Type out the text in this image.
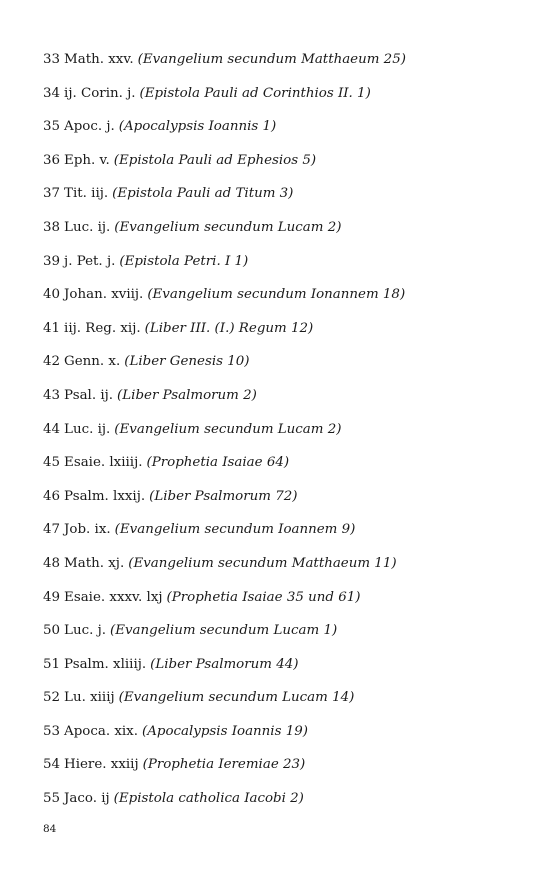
33 Math. xxv. (Evangelium secundum Matthaeum 25)
34 ij. Corin. j. (Epistola Pauli ad Corinthios II. 1)
35 Apoc. j. (Apocalypsis Ioannis 1)
36 Eph. v. (Epistola Pauli ad Ephesios 5)
37 Tit. iij. (Epistola Pauli ad Titum 3)
38 Luc. ij. (Evangelium secundum Lucam 2)
39 j. Pet. j. (Epistola Petri. I 1)
40 Johan. xviij. (Evangelium secundum Ionannem 18)
41 iij. Reg. xij. (Liber III. (I.) Regum 12)
42 Genn. x. (Liber Genesis 10)
43 Psal. ij. (Liber Psalmorum 2)
44 Luc. ij. (Evangelium secundum Lucam 2)
45 Esaie. lxiiij. (Prophetia Isaiae 64)
46 Psalm. lxxij. (Liber Psalmorum 72)
47 Job. ix. (Evangelium secundum Ioannem 9)
48 Math. xj. (Evangelium secundum Matthaeum 11)
49 Esaie. xxxv. lxj (Prophetia Isaiae 35 und 61)
50 Luc. j. (Evangelium secundum Lucam 1)
51 Psalm. xliiij. (Liber Psalmorum 44)
52 Lu. xiiij (Evangelium secundum Lucam 14)
53 Apoca. xix. (Apocalypsis Ioannis 19)
54 Hiere. xxiij (Prophetia Ieremiae 23)
55 Jaco. ij (Epistola catholica Iacobi 2)
84
